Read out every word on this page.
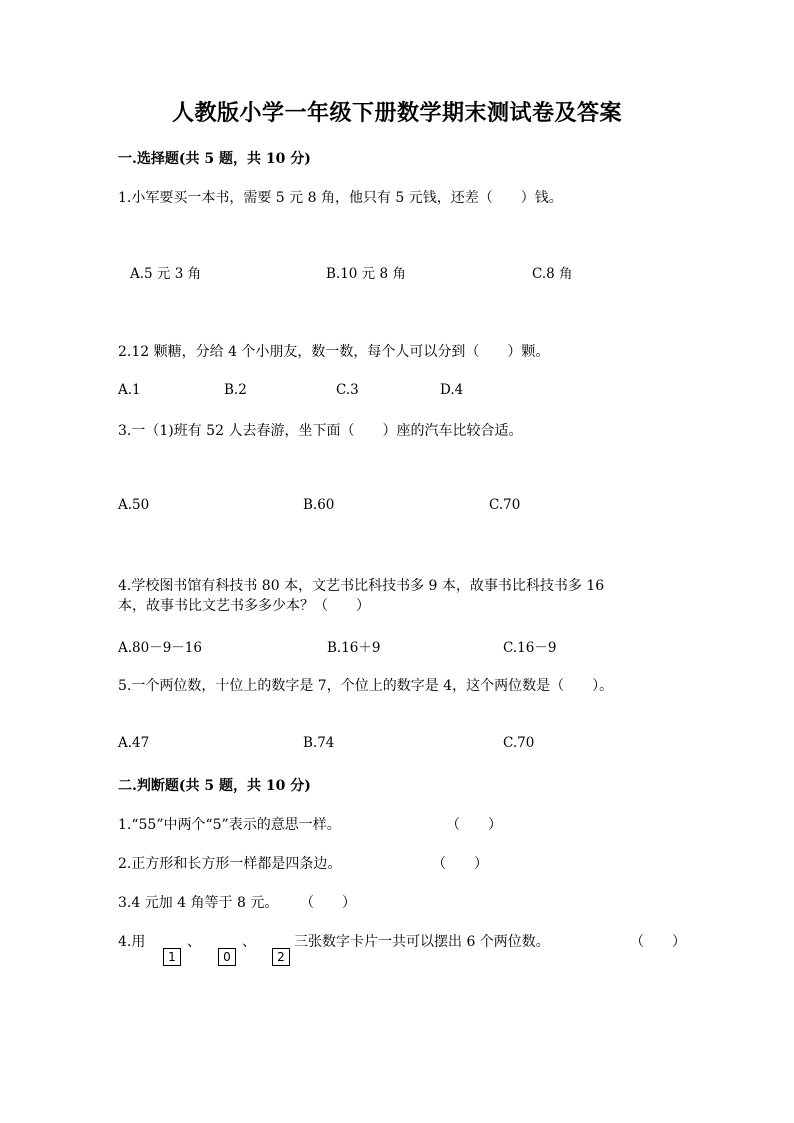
人教版小学一年级下册数学期末测试卷及答案
一.选择题(共 5 题，共 10 分)
1.小军要买一本书，需要 5 元 8 角，他只有 5 元钱，还差（　　）钱。
A.5 元 3 角	B.10 元 8 角	C.8 角
2.12 颗糖，分给 4 个小朋友，数一数，每个人可以分到（　　）颗。
A.1	B.2	C.3	D.4
3.一（1)班有 52 人去春游，坐下面（　　）座的汽车比较合适。
A.50	B.60	C.70
4.学校图书馆有科技书 80 本，文艺书比科技书多 9 本，故事书比科技书多 16
本，故事书比文艺书多多少本？（　　）
A.80－9－16	B.16＋9	C.16－9
5.一个两位数，十位上的数字是 7，个位上的数字是 4，这个两位数是（　　）。
A.47	B.74	C.70
二.判断题(共 5 题，共 10 分)
1.“55”中两个“5”表示的意思一样。	（　　）
2.正方形和长方形一样都是四条边。	（　　）
3.4 元加 4 角等于 8 元。 （　　）
4.用
1
、
0
、
2
三张数字卡片一共可以摆出 6 个两位数。	（　　）
